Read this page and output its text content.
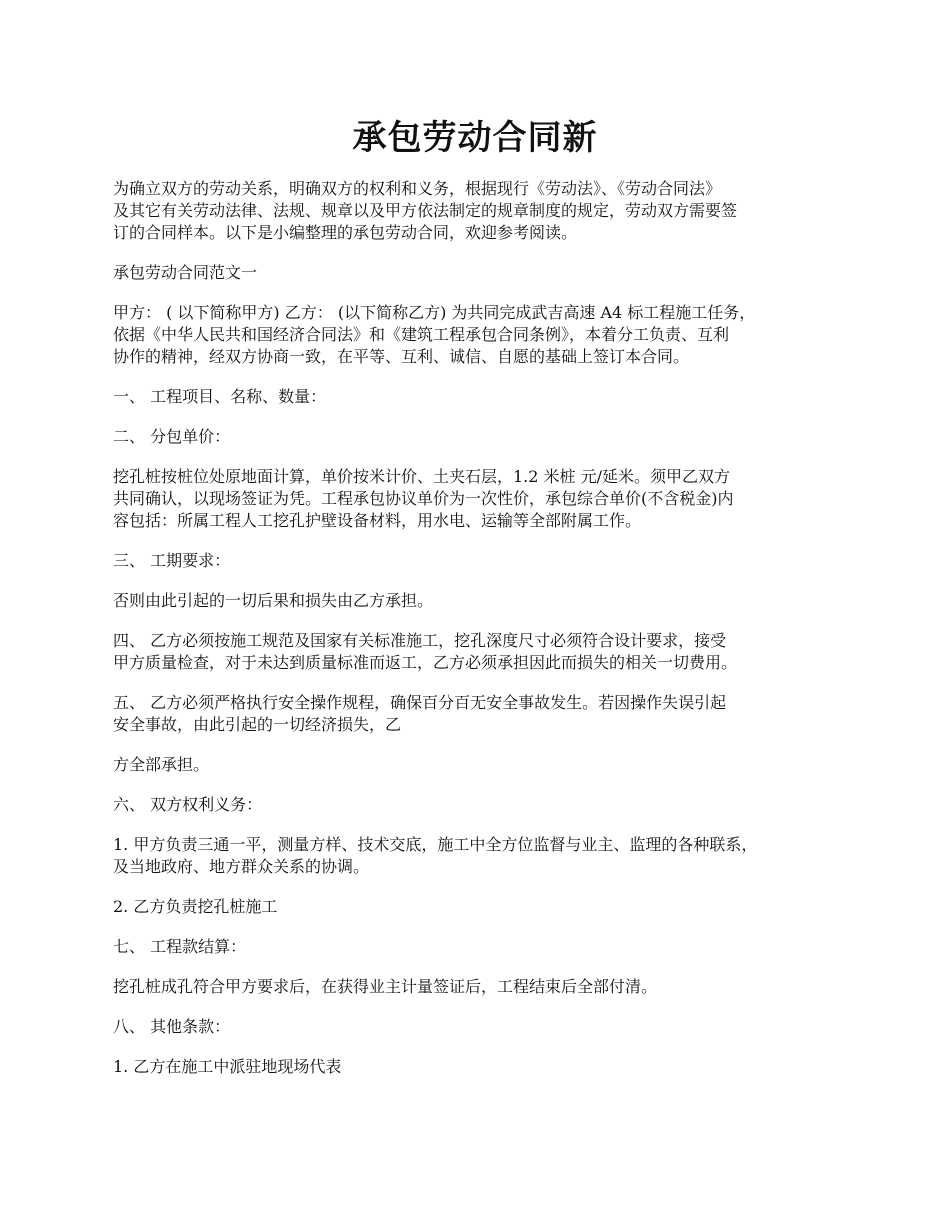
承包劳动合同新

为确立双方的劳动关系，明确双方的权利和义务，根据现行《劳动法》、《劳动合同法》
及其它有关劳动法律、法规、规章以及甲方依法制定的规章制度的规定，劳动双方需要签
订的合同样本。以下是小编整理的承包劳动合同，欢迎参考阅读。

承包劳动合同范文一

甲方： ( 以下简称甲方) 乙方： (以下简称乙方) 为共同完成武吉高速 A4 标工程施工任务，
依据《中华人民共和国经济合同法》和《建筑工程承包合同条例》，本着分工负责、互利
协作的精神，经双方协商一致，在平等、互利、诚信、自愿的基础上签订本合同。

一、 工程项目、名称、数量：

二、 分包单价：

挖孔桩按桩位处原地面计算，单价按米计价、土夹石层，1.2 米桩 元/延米。须甲乙双方
共同确认，以现场签证为凭。工程承包协议单价为一次性价，承包综合单价(不含税金)内
容包括：所属工程人工挖孔护壁设备材料，用水电、运输等全部附属工作。

三、 工期要求：

否则由此引起的一切后果和损失由乙方承担。

四、 乙方必须按施工规范及国家有关标准施工，挖孔深度尺寸必须符合设计要求，接受
甲方质量检查，对于未达到质量标准而返工，乙方必须承担因此而损失的相关一切费用。

五、 乙方必须严格执行安全操作规程，确保百分百无安全事故发生。若因操作失误引起
安全事故，由此引起的一切经济损失，乙

方全部承担。

六、 双方权利义务：

1. 甲方负责三通一平，测量方样、技术交底，施工中全方位监督与业主、监理的各种联系，
及当地政府、地方群众关系的协调。

2. 乙方负责挖孔桩施工

七、 工程款结算：

挖孔桩成孔符合甲方要求后，在获得业主计量签证后，工程结束后全部付清。

八、 其他条款：

1. 乙方在施工中派驻地现场代表
